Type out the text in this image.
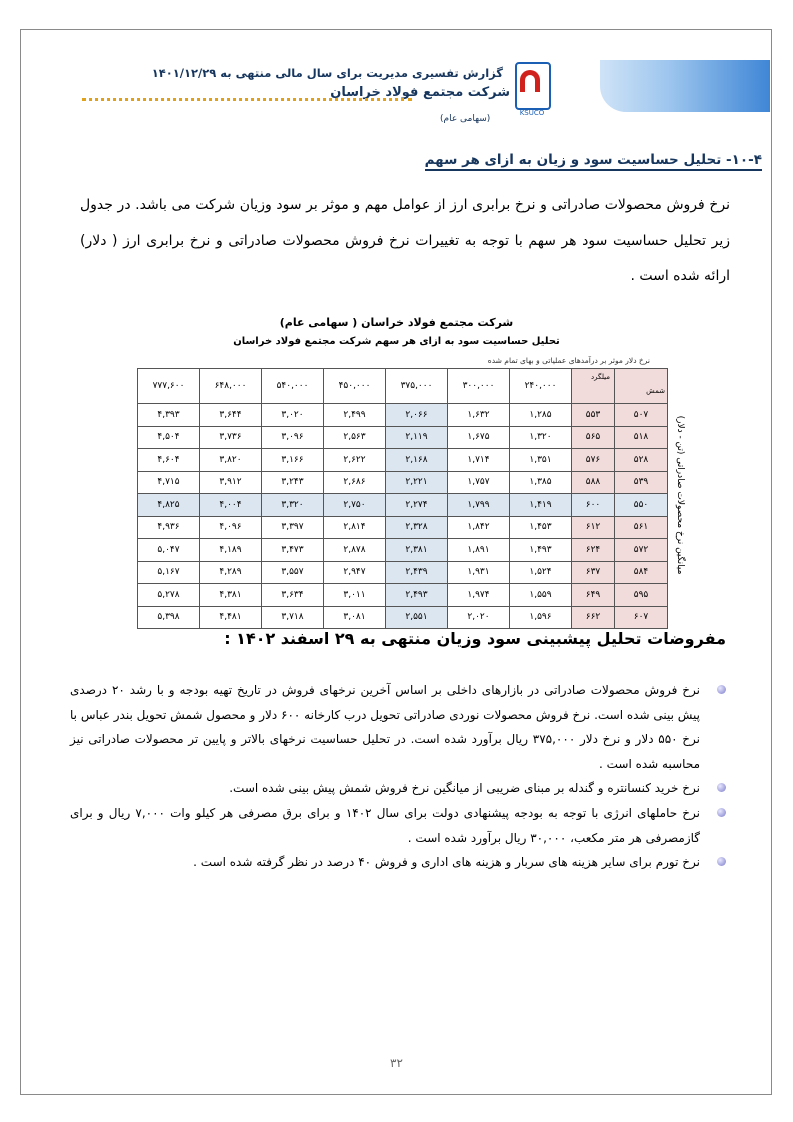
KSUCO
گزارش تفسیری مدیریت برای سال مالی منتهی به ۱۴۰۱/۱۲/۲۹
شرکت مجتمع فولاد خراسان
(سهامی عام)
۱۰-۴- تحلیل حساسیت سود و زیان به ازای هر سهم
نرخ فروش محصولات صادراتی و نرخ برابری ارز از عوامل مهم و موثر بر سود وزیان شرکت می باشد. در جدول زیر تحلیل حساسیت سود هر سهم با توجه به تغییرات نرخ فروش محصولات صادراتی و نرخ برابری ارز ( دلار) ارائه شده است .
شرکت مجتمع فولاد خراسان ( سهامی عام)
تحلیل حساسیت سود به ازای هر سهم شرکت مجتمع فولاد خراسان
نرخ دلار موثر بر درآمدهای عملیاتی و بهای تمام شده
شمش	میلگرد	۲۴۰,۰۰۰	۳۰۰,۰۰۰	۳۷۵,۰۰۰	۴۵۰,۰۰۰	۵۴۰,۰۰۰	۶۴۸,۰۰۰	۷۷۷,۶۰۰
۵۰۷	۵۵۳	۱,۲۸۵	۱,۶۳۲	۲,۰۶۶	۲,۴۹۹	۳,۰۲۰	۳,۶۴۴	۴,۳۹۳
۵۱۸	۵۶۵	۱,۳۲۰	۱,۶۷۵	۲,۱۱۹	۲,۵۶۳	۳,۰۹۶	۳,۷۳۶	۴,۵۰۴
۵۲۸	۵۷۶	۱,۳۵۱	۱,۷۱۴	۲,۱۶۸	۲,۶۲۲	۳,۱۶۶	۳,۸۲۰	۴,۶۰۴
۵۳۹	۵۸۸	۱,۳۸۵	۱,۷۵۷	۲,۲۲۱	۲,۶۸۶	۳,۲۴۳	۳,۹۱۲	۴,۷۱۵
۵۵۰	۶۰۰	۱,۴۱۹	۱,۷۹۹	۲,۲۷۴	۲,۷۵۰	۳,۳۲۰	۴,۰۰۴	۴,۸۲۵
۵۶۱	۶۱۲	۱,۴۵۳	۱,۸۴۲	۲,۳۲۸	۲,۸۱۴	۳,۳۹۷	۴,۰۹۶	۴,۹۳۶
۵۷۲	۶۲۴	۱,۴۹۳	۱,۸۹۱	۲,۳۸۱	۲,۸۷۸	۳,۴۷۳	۴,۱۸۹	۵,۰۴۷
۵۸۴	۶۳۷	۱,۵۲۴	۱,۹۳۱	۲,۴۳۹	۲,۹۴۷	۳,۵۵۷	۴,۲۸۹	۵,۱۶۷
۵۹۵	۶۴۹	۱,۵۵۹	۱,۹۷۴	۲,۴۹۳	۳,۰۱۱	۳,۶۳۴	۴,۳۸۱	۵,۲۷۸
۶۰۷	۶۶۲	۱,۵۹۶	۲,۰۲۰	۲,۵۵۱	۳,۰۸۱	۳,۷۱۸	۴,۴۸۱	۵,۳۹۸
میانگین نرخ محصولات صادراتی (تن - دلار)
مفروضات تحلیل پیشبینی سود وزیان منتهی به ۲۹ اسفند ۱۴۰۲ :
نرخ فروش محصولات صادراتی در بازارهای داخلی بر اساس آخرین نرخهای فروش در تاریخ تهیه بودجه و با رشد ۲۰ درصدی پیش بینی شده است. نرخ فروش محصولات نوردی صادراتی تحویل درب کارخانه ۶۰۰ دلار و محصول شمش تحویل بندر عباس با نرخ ۵۵۰ دلار و نرخ دلار ۳۷۵,۰۰۰ ریال برآورد شده است. در تحلیل حساسیت نرخهای بالاتر و پایین تر محصولات صادراتی نیز محاسبه شده است .
نرخ خرید کنسانتره و گندله بر مبنای ضریبی از میانگین نرخ فروش شمش پیش بینی شده است.
نرخ حاملهای انرژی با توجه به بودجه پیشنهادی دولت برای سال ۱۴۰۲ و برای برق مصرفی هر کیلو وات ۷,۰۰۰ ریال و برای گازمصرفی هر متر مکعب، ۳۰,۰۰۰ ریال برآورد شده است .
نرخ تورم برای سایر هزینه های سربار و هزینه های اداری و فروش ۴۰ درصد در نظر گرفته شده است .
۳۲
